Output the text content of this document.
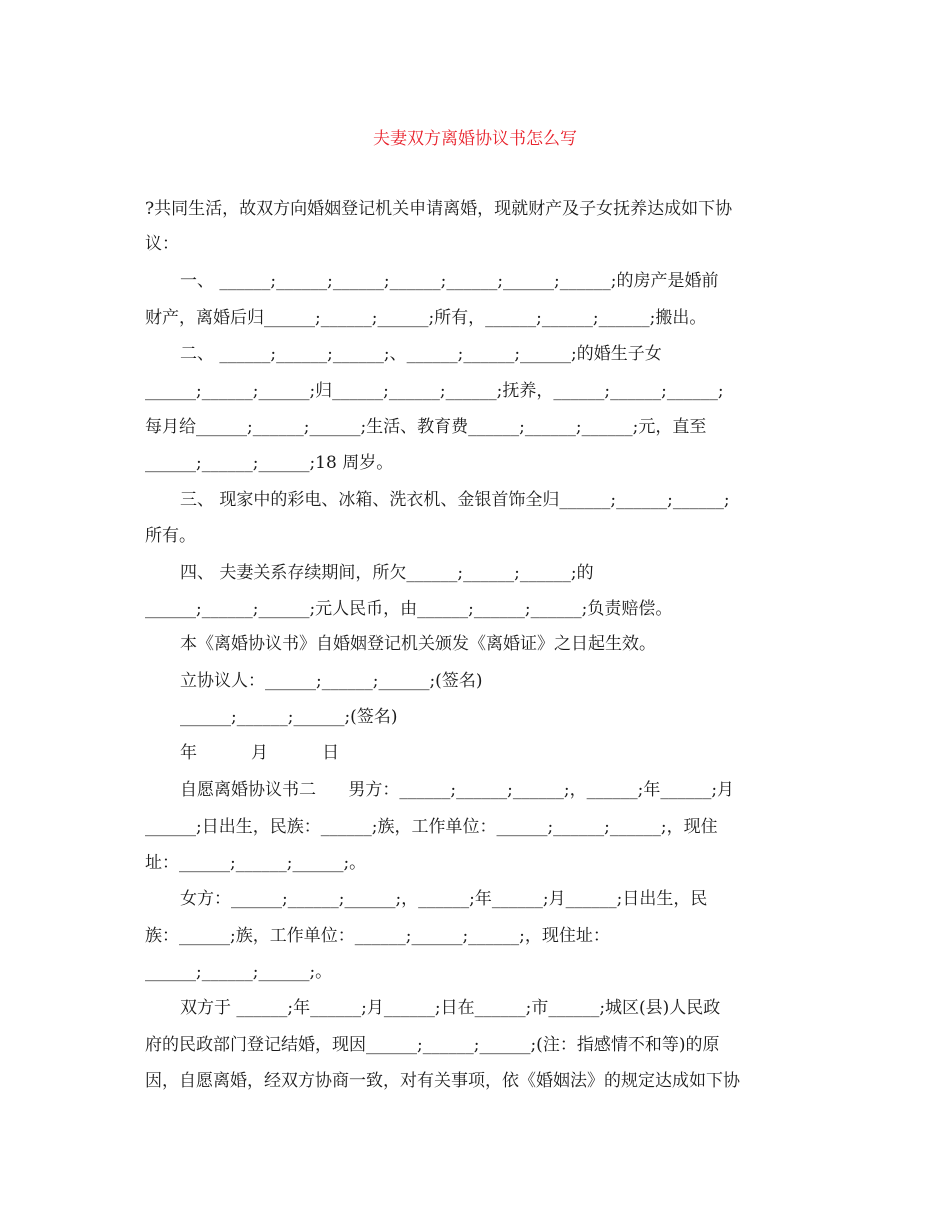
夫妻双方离婚协议书怎么写
?共同生活，故双方向婚姻登记机关申请离婚，现就财产及子女抚养达成如下协
议：
一、 ______;______;______;______;______;______;______;的房产是婚前
财产，离婚后归______;______;______;所有，______;______;______;搬出。
二、 ______;______;______;、______;______;______;的婚生子女
______;______;______;归______;______;______;抚养，______;______;______;
每月给______;______;______;生活、教育费______;______;______;元，直至
______;______;______;18 周岁。
三、 现家中的彩电、冰箱、洗衣机、金银首饰全归______;______;______;
所有。
四、 夫妻关系存续期间，所欠______;______;______;的
______;______;______;元人民币，由______;______;______;负责赔偿。
本《离婚协议书》自婚姻登记机关颁发《离婚证》之日起生效。
立协议人：______;______;______;(签名)
______;______;______;(签名)
年          月          日
自愿离婚协议书二      男方：______;______;______;，______;年______;月
______;日出生，民族：______;族，工作单位：______;______;______;，现住
址：______;______;______;。
女方：______;______;______;，______;年______;月______;日出生，民
族：______;族，工作单位：______;______;______;，现住址：
______;______;______;。
双方于 ______;年______;月______;日在______;市______;城区(县)人民政
府的民政部门登记结婚，现因______;______;______;(注：指感情不和等)的原
因，自愿离婚，经双方协商一致，对有关事项，依《婚姻法》的规定达成如下协
